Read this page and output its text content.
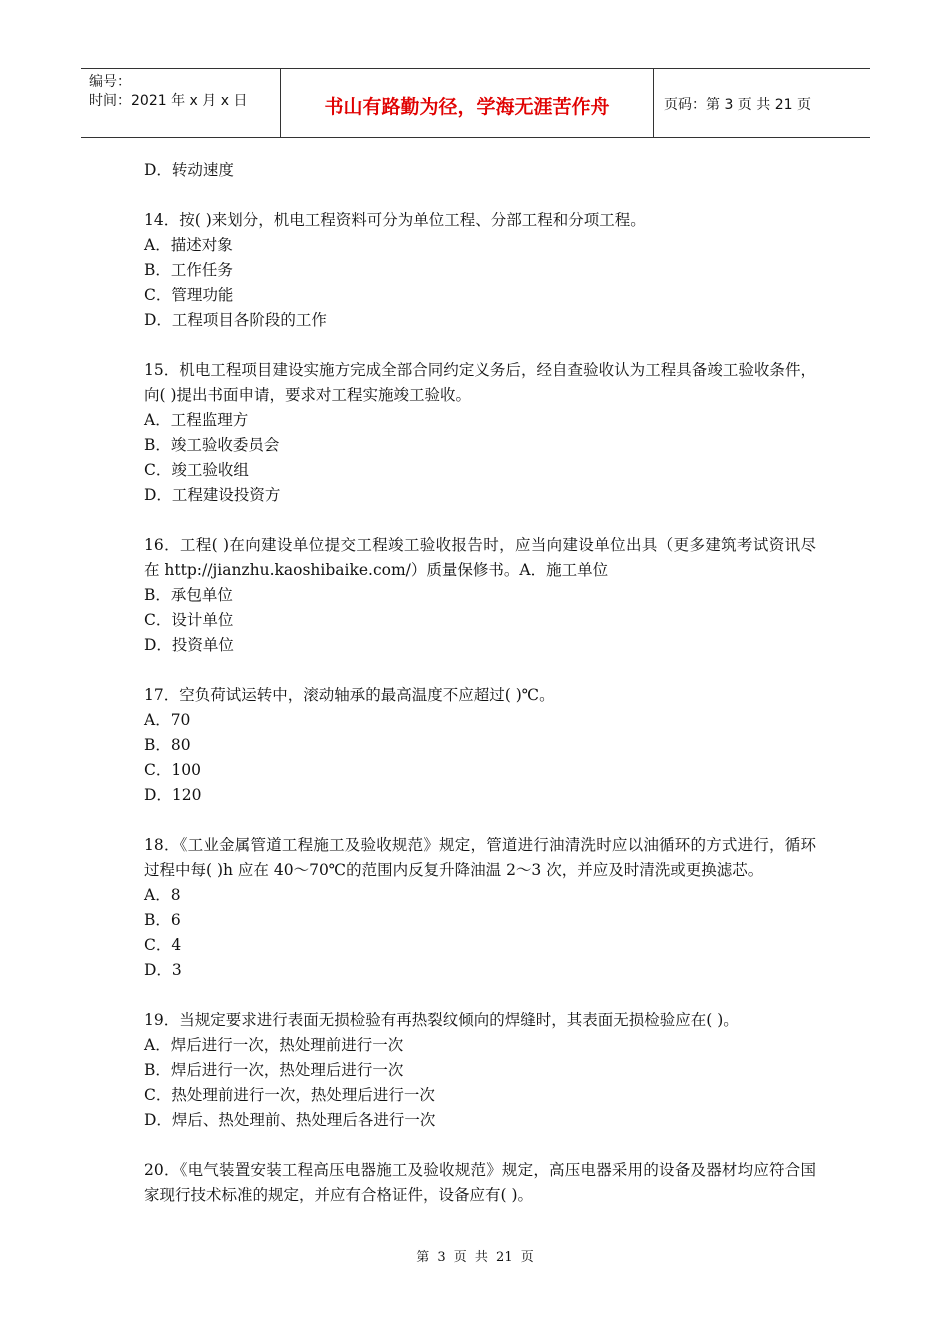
编号：
时间：2021 年 x 月 x 日	书山有路勤为径，学海无涯苦作舟	页码：第 3 页 共 21 页
D．转动速度
14．按( )来划分，机电工程资料可分为单位工程、分部工程和分项工程。
A．描述对象
B．工作任务
C．管理功能
D．工程项目各阶段的工作
15．机电工程项目建设实施方完成全部合同约定义务后，经自查验收认为工程具备竣工验收条件，向( )提出书面申请，要求对工程实施竣工验收。
A．工程监理方
B．竣工验收委员会
C．竣工验收组
D．工程建设投资方
16．工程( )在向建设单位提交工程竣工验收报告时，应当向建设单位出具（更多建筑考试资讯尽在 http://jianzhu.kaoshibaike.com/）质量保修书。A．施工单位
B．承包单位
C．设计单位
D．投资单位
17．空负荷试运转中，滚动轴承的最高温度不应超过( )℃。
A．70
B．80
C．100
D．120
18．《工业金属管道工程施工及验收规范》规定，管道进行油清洗时应以油循环的方式进行，循环过程中每( )h 应在 40～70℃的范围内反复升降油温 2～3 次，并应及时清洗或更换滤芯。
A．8
B．6
C．4
D．3
19．当规定要求进行表面无损检验有再热裂纹倾向的焊缝时，其表面无损检验应在( )。
A．焊后进行一次，热处理前进行一次
B．焊后进行一次，热处理后进行一次
C．热处理前进行一次，热处理后进行一次
D．焊后、热处理前、热处理后各进行一次
20．《电气装置安装工程高压电器施工及验收规范》规定，高压电器采用的设备及器材均应符合国家现行技术标准的规定，并应有合格证件，设备应有( )。
第 3 页 共 21 页
